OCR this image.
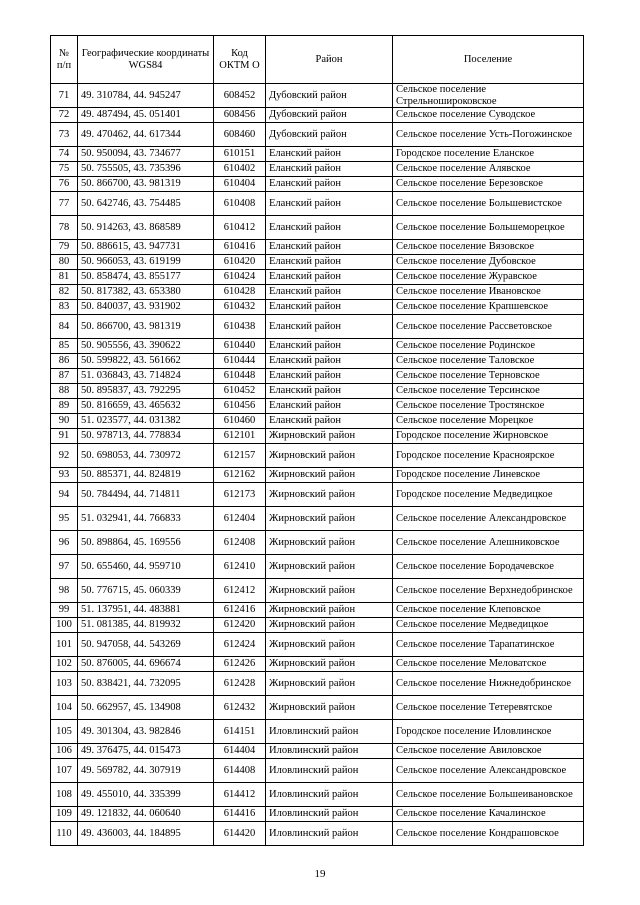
№ п/п	Географические координаты WGS84	Код ОКТМ О	Район	Поселение
71	49. 310784, 44. 945247	608452	Дубовский район	Сельское поселение Стрельношироковское
72	49. 487494, 45. 051401	608456	Дубовский район	Сельское поселение Суводское
73	49. 470462, 44. 617344	608460	Дубовский район	Сельское поселение Усть-Погожинское
74	50. 950094, 43. 734677	610151	Еланский район	Городское поселение Еланское
75	50. 755505, 43. 735396	610402	Еланский район	Сельское поселение Алявское
76	50. 866700, 43. 981319	610404	Еланский район	Сельское поселение Березовское
77	50. 642746, 43. 754485	610408	Еланский район	Сельское поселение Большевистское
78	50. 914263, 43. 868589	610412	Еланский район	Сельское поселение Большеморецкое
79	50. 886615, 43. 947731	610416	Еланский район	Сельское поселение Вязовское
80	50. 966053, 43. 619199	610420	Еланский район	Сельское поселение Дубовское
81	50. 858474, 43. 855177	610424	Еланский район	Сельское поселение Журавское
82	50. 817382, 43. 653380	610428	Еланский район	Сельское поселение Ивановское
83	50. 840037, 43. 931902	610432	Еланский район	Сельское поселение Крапшевское
84	50. 866700, 43. 981319	610438	Еланский район	Сельское поселение Рассветовское
85	50. 905556, 43. 390622	610440	Еланский район	Сельское поселение Родинское
86	50. 599822, 43. 561662	610444	Еланский район	Сельское поселение Таловское
87	51. 036843, 43. 714824	610448	Еланский район	Сельское поселение Терновское
88	50. 895837, 43. 792295	610452	Еланский район	Сельское поселение Терсинское
89	50. 816659, 43. 465632	610456	Еланский район	Сельское поселение Тростянское
90	51. 023577, 44. 031382	610460	Еланский район	Сельское поселение Морецкое
91	50. 978713, 44. 778834	612101	Жирновский район	Городское поселение Жирновское
92	50. 698053, 44. 730972	612157	Жирновский район	Городское поселение Красноярское
93	50. 885371, 44. 824819	612162	Жирновский район	Городское поселение Линевское
94	50. 784494, 44. 714811	612173	Жирновский район	Городское поселение Медведицкое
95	51. 032941, 44. 766833	612404	Жирновский район	Сельское поселение Александровское
96	50. 898864, 45. 169556	612408	Жирновский район	Сельское поселение Алешниковское
97	50. 655460, 44. 959710	612410	Жирновский район	Сельское поселение Бородачевское
98	50. 776715, 45. 060339	612412	Жирновский район	Сельское поселение Верхнедобринское
99	51. 137951, 44. 483881	612416	Жирновский район	Сельское поселение Клеповское
100	51. 081385, 44. 819932	612420	Жирновский район	Сельское поселение Медведицкое
101	50. 947058, 44. 543269	612424	Жирновский район	Сельское поселение Тарапатинское
102	50. 876005, 44. 696674	612426	Жирновский район	Сельское поселение Меловатское
103	50. 838421, 44. 732095	612428	Жирновский район	Сельское поселение Нижнедобринское
104	50. 662957, 45. 134908	612432	Жирновский район	Сельское поселение Тетеревятское
105	49. 301304, 43. 982846	614151	Иловлинский район	Городское поселение Иловлинское
106	49. 376475, 44. 015473	614404	Иловлинский район	Сельское поселение Авиловское
107	49. 569782, 44. 307919	614408	Иловлинский район	Сельское поселение Александровское
108	49. 455010, 44. 335399	614412	Иловлинский район	Сельское поселение Большеивановское
109	49. 121832, 44. 060640	614416	Иловлинский район	Сельское поселение Качалинское
110	49. 436003, 44. 184895	614420	Иловлинский район	Сельское поселение Кондрашовское
19
